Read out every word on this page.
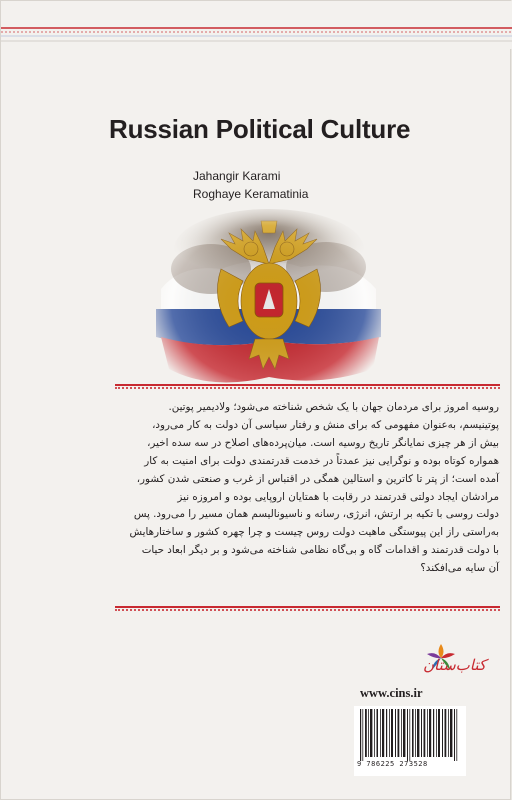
Russian Political Culture
Jahangir Karami
Roghaye Keramatinia

روسیه امروز برای مردمان جهان با یک شخص شناخته می‌شود؛ ولادیمیر پوتین.

پوتینیسم، به‌عنوان مفهومی که برای منش و رفتار سیاسی آن دولت به کار می‌رود،

بیش از هر چیزی نمایانگر تاریخ روسیه است. میان‌پرده‌های اصلاح در سه سده اخیر،

همواره کوتاه بوده و نوگرایی نیز عمدتاً در خدمت قدرتمندی دولت برای امنیت به کار

آمده است؛ از پتر تا کاترین و استالین همگی در اقتباس از غرب و صنعتی شدن کشور،

مرادشان ایجاد دولتی قدرتمند در رقابت با همتایان اروپایی بوده و امروزه نیز

دولت روسی با تکیه بر ارتش، انرژی، رسانه و ناسیونالیسم همان مسیر را می‌رود. پس

به‌راستی راز این پیوستگی ماهیت دولت روس چیست و چرا چهره کشور و ساختارهایش

با دولت قدرتمند و اقدامات گاه و بی‌گاه نظامی شناخته می‌شود و بر دیگر ابعاد حیات

آن سایه می‌افکند؟

کتاب‌ستان
www.cins.ir
9 786225 273528
